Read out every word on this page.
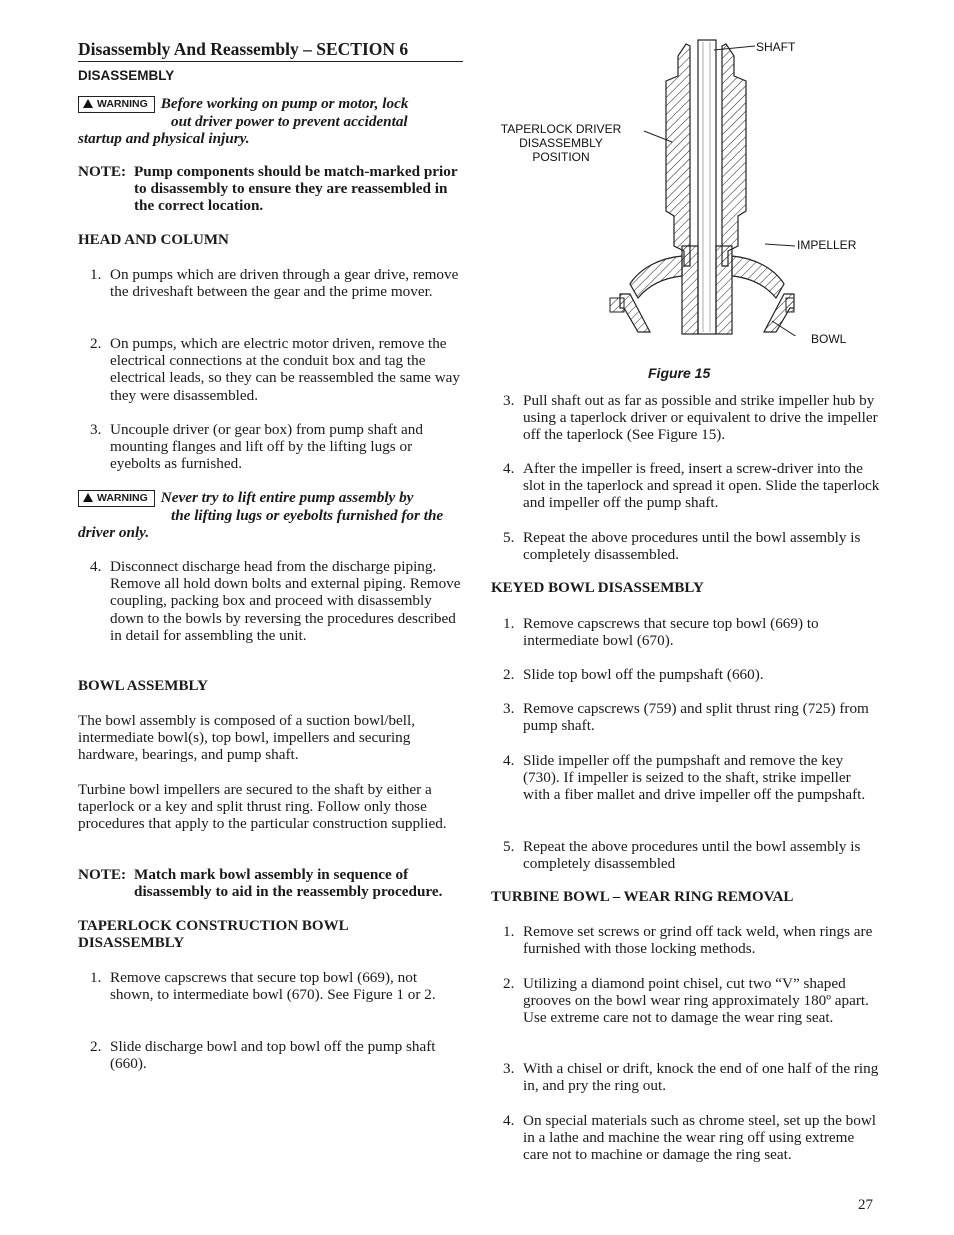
Disassembly And Reassembly – SECTION 6
DISASSEMBLY
WARNING Before working on pump or motor, lock
out driver power to prevent accidental
startup and physical injury.
NOTE: Pump components should be match-marked prior to disassembly to ensure they are reassembled in the correct location.
HEAD AND COLUMN
1. On pumps which are driven through a gear drive, remove the driveshaft between the gear and the prime mover.
2. On pumps, which are electric motor driven, remove the electrical connections at the conduit box and tag the electrical leads, so they can be reassembled the same way they were disassembled.
3. Uncouple driver (or gear box) from pump shaft and mounting flanges and lift off by the lifting lugs or eyebolts as furnished.
WARNING Never try to lift entire pump assembly by
the lifting lugs or eyebolts furnished for the
driver only.
4. Disconnect discharge head from the discharge piping. Remove all hold down bolts and external piping. Remove coupling, packing box and proceed with disassembly down to the bowls by reversing the procedures described in detail for assembling the unit.
BOWL ASSEMBLY

The bowl assembly is composed of a suction bowl/bell, intermediate bowl(s), top bowl, impellers and securing hardware, bearings, and pump shaft.

Turbine bowl impellers are secured to the shaft by either a taperlock or a key and split thrust ring. Follow only those procedures that apply to the particular construction supplied.

NOTE: Match mark bowl assembly in sequence of disassembly to aid in the reassembly procedure.
TAPERLOCK CONSTRUCTION BOWL DISASSEMBLY
1. Remove capscrews that secure top bowl (669), not shown, to intermediate bowl (670). See Figure 1 or 2.
2. Slide discharge bowl and top bowl off the pump shaft (660).
SHAFT
TAPERLOCK DRIVER
DISASSEMBLY POSITION
IMPELLER
BOWL
Figure 15
3. Pull shaft out as far as possible and strike impeller hub by using a taperlock driver or equivalent to drive the impeller off the taperlock (See Figure 15).
4. After the impeller is freed, insert a screw-driver into the slot in the taperlock and spread it open. Slide the taperlock and impeller off the pump shaft.
5. Repeat the above procedures until the bowl assembly is completely disassembled.
KEYED BOWL DISASSEMBLY
1. Remove capscrews that secure top bowl (669) to intermediate bowl (670).
2. Slide top bowl off the pumpshaft (660).
3. Remove capscrews (759) and split thrust ring (725) from pump shaft.
4. Slide impeller off the pumpshaft and remove the key (730). If impeller is seized to the shaft, strike impeller with a fiber mallet and drive impeller off the pumpshaft.
5. Repeat the above procedures until the bowl assembly is completely disassembled
TURBINE BOWL – WEAR RING REMOVAL
1. Remove set screws or grind off tack weld, when rings are furnished with those locking methods.
2. Utilizing a diamond point chisel, cut two “V” shaped grooves on the bowl wear ring approximately 180º apart. Use extreme care not to damage the wear ring seat.
3. With a chisel or drift, knock the end of one half of the ring in, and pry the ring out.
4. On special materials such as chrome steel, set up the bowl in a lathe and machine the wear ring off using extreme care not to machine or damage the ring seat.
27
